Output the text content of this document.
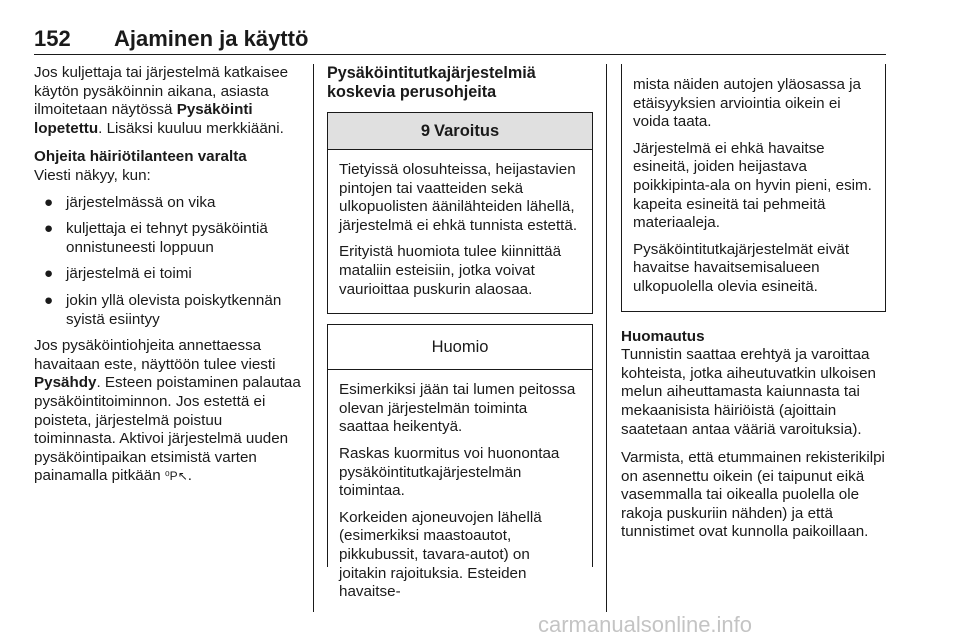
152 Ajaminen ja käyttö

Jos kuljettaja tai järjestelmä katkaisee käytön pysäköinnin aikana, asiasta ilmoitetaan näytössä Pysäköinti lopetettu. Lisäksi kuuluu merkkiääni.

Ohjeita häiriötilanteen varalta
Viesti näkyy, kun:
● järjestelmässä on vika
● kuljettaja ei tehnyt pysäköintiä onnistuneesti loppuun
● järjestelmä ei toimi
● jokin yllä olevista poiskytkennän syistä esiintyy

Jos pysäköintiohjeita annettaessa havaitaan este, näyttöön tulee viesti Pysähdy. Esteen poistaminen palautaa pysäköintitoiminnon. Jos estettä ei poisteta, järjestelmä poistuu toiminnasta. Aktivoi järjestelmä uuden pysäköintipaikan etsimistä varten painamalla pitkään ⁰P↖.

Pysäköintitutkajärjestelmiä koskevia perusohjeita
9 Varoitus

Tietyissä olosuhteissa, heijastavien pintojen tai vaatteiden sekä ulkopuolisten äänilähteiden lähellä, järjestelmä ei ehkä tunnista estettä.

Erityistä huomiota tulee kiinnittää mataliin esteisiin, jotka voivat vaurioittaa puskurin alaosaa.

Huomio

Esimerkiksi jään tai lumen peitossa olevan järjestelmän toiminta saattaa heikentyä.

Raskas kuormitus voi huonontaa pysäköintitutkajärjestelmän toimintaa.

Korkeiden ajoneuvojen lähellä (esimerkiksi maastoautot, pikkubussit, tavara-autot) on joitakin rajoituksia. Esteiden havaitse-

mista näiden autojen yläosassa ja etäisyyksien arviointia oikein ei voida taata.

Järjestelmä ei ehkä havaitse esineitä, joiden heijastava poikkipinta-ala on hyvin pieni, esim. kapeita esineitä tai pehmeitä materiaaleja.

Pysäköintitutkajärjestelmät eivät havaitse havaitsemisalueen ulkopuolella olevia esineitä.

Huomautus

Tunnistin saattaa erehtyä ja varoittaa kohteista, jotka aiheutuvatkin ulkoisen melun aiheuttamasta kaiunnasta tai mekaanisista häiriöistä (ajoittain saatetaan antaa vääriä varoituksia).

Varmista, että etummainen rekisterikilpi on asennettu oikein (ei taipunut eikä vasemmalla tai oikealla puolella ole rakoja puskuriin nähden) ja että tunnistimet ovat kunnolla paikoillaan.

carmanualsonline.info
